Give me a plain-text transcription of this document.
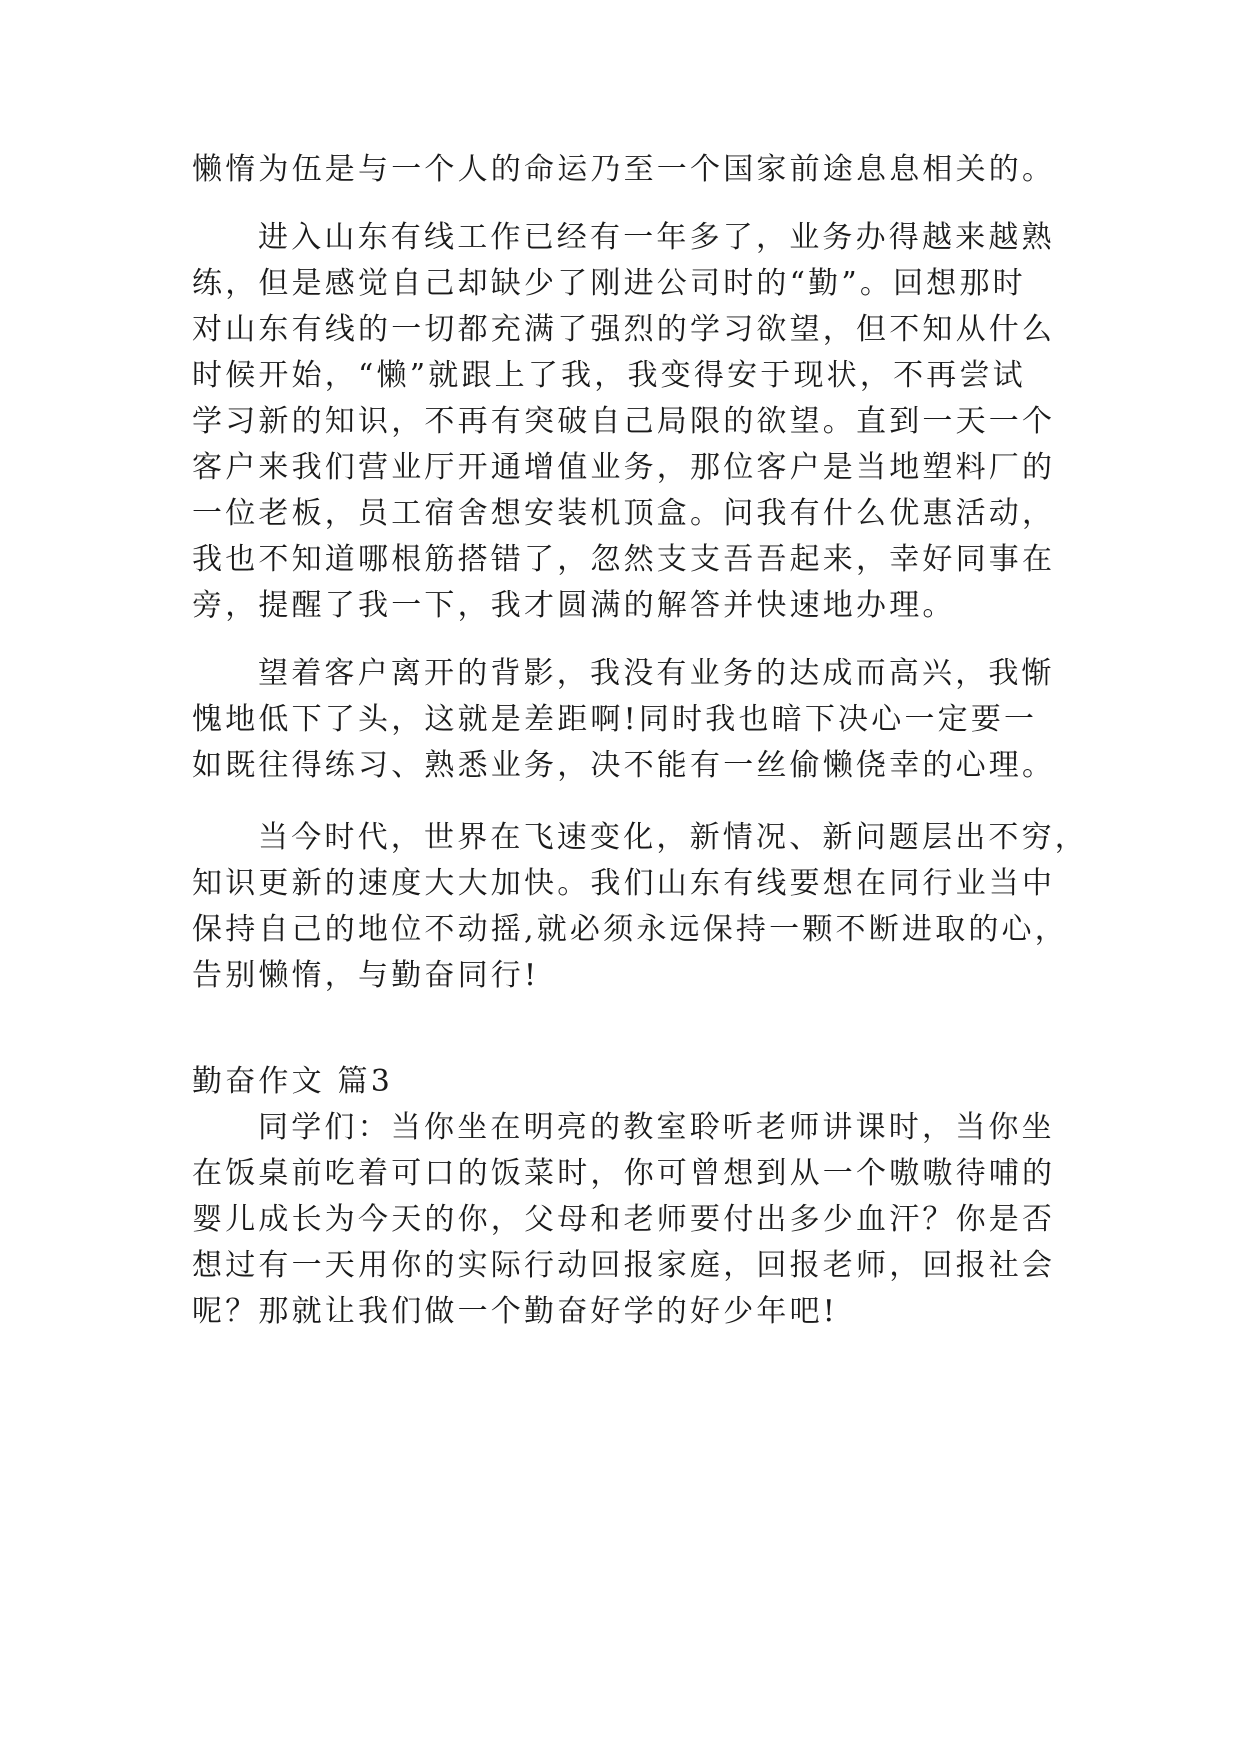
懒惰为伍是与一个人的命运乃至一个国家前途息息相关的。
进入山东有线工作已经有一年多了，业务办得越来越熟
练，但是感觉自己却缺少了刚进公司时的“勤”。回想那时
对山东有线的一切都充满了强烈的学习欲望，但不知从什么
时候开始，“懒”就跟上了我，我变得安于现状，不再尝试
学习新的知识，不再有突破自己局限的欲望。直到一天一个
客户来我们营业厅开通增值业务，那位客户是当地塑料厂的
一位老板，员工宿舍想安装机顶盒。问我有什么优惠活动，
我也不知道哪根筋搭错了，忽然支支吾吾起来，幸好同事在
旁，提醒了我一下，我才圆满的解答并快速地办理。
望着客户离开的背影，我没有业务的达成而高兴，我惭
愧地低下了头，这就是差距啊!同时我也暗下决心一定要一
如既往得练习、熟悉业务，决不能有一丝偷懒侥幸的心理。
当今时代，世界在飞速变化，新情况、新问题层出不穷，
知识更新的速度大大加快。我们山东有线要想在同行业当中
保持自己的地位不动摇,就必须永远保持一颗不断进取的心，
告别懒惰，与勤奋同行!
勤奋作文 篇3
同学们：当你坐在明亮的教室聆听老师讲课时，当你坐
在饭桌前吃着可口的饭菜时，你可曾想到从一个嗷嗷待哺的
婴儿成长为今天的你，父母和老师要付出多少血汗？你是否
想过有一天用你的实际行动回报家庭，回报老师，回报社会
呢？那就让我们做一个勤奋好学的好少年吧!
